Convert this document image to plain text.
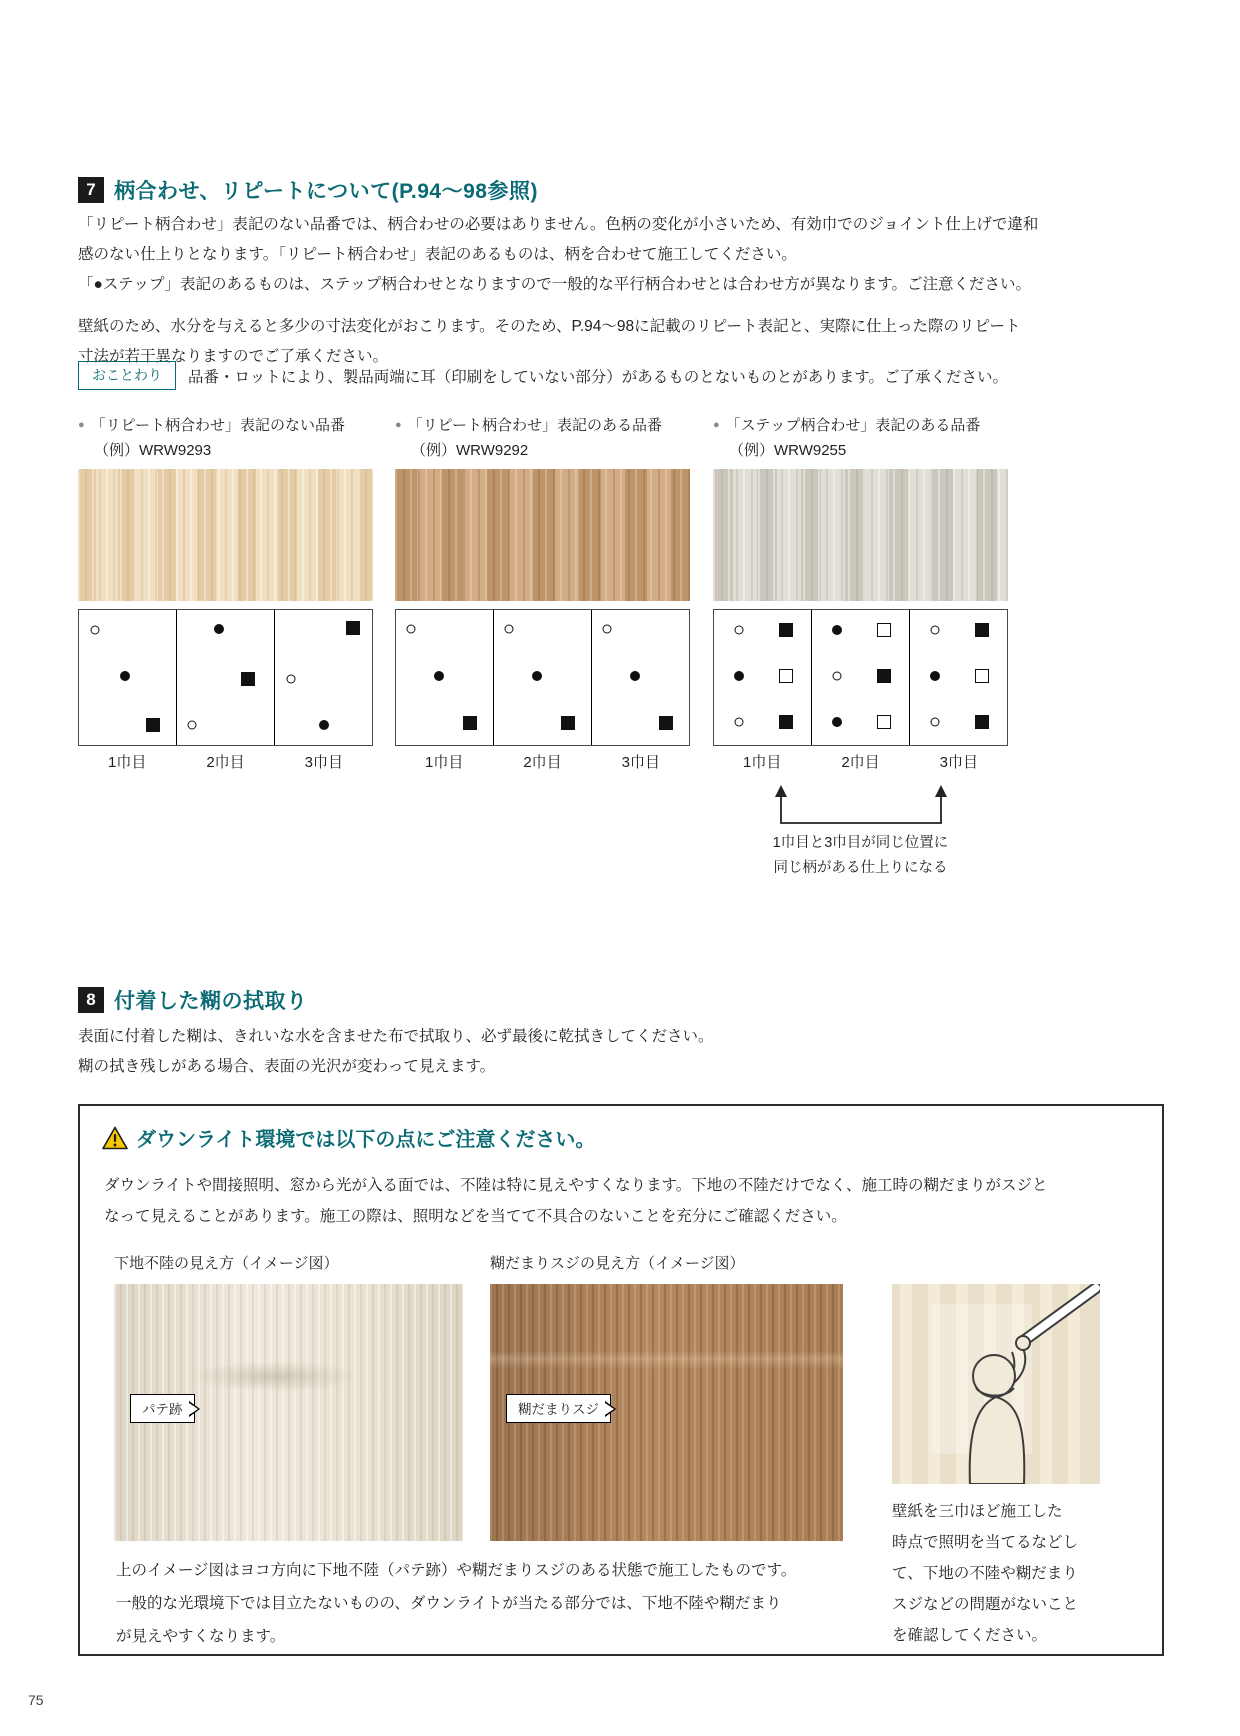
7 柄合わせ、リピートについて(P.94～98参照)
「リピート柄合わせ」表記のない品番では、柄合わせの必要はありません。色柄の変化が小さいため、有効巾でのジョイント仕上げで違和
感のない仕上りとなります。「リピート柄合わせ」表記のあるものは、柄を合わせて施工してください。
「●ステップ」表記のあるものは、ステップ柄合わせとなりますので一般的な平行柄合わせとは合わせ方が異なります。ご注意ください。
壁紙のため、水分を与えると多少の寸法変化がおこります。そのため、P.94～98に記載のリピート表記と、実際に仕上った際のリピート
寸法が若干異なりますのでご了承ください。
おことわり	品番・ロットにより、製品両端に耳（印刷をしていない部分）があるものとないものとがあります。ご了承ください。
● 「リピート柄合わせ」表記のない品番
（例）WRW9293
1巾目	2巾目	3巾目
● 「リピート柄合わせ」表記のある品番
（例）WRW9292
1巾目	2巾目	3巾目
● 「ステップ柄合わせ」表記のある品番
（例）WRW9255
1巾目	2巾目	3巾目
1巾目と3巾目が同じ位置に
同じ柄がある仕上りになる
8 付着した糊の拭取り
表面に付着した糊は、きれいな水を含ませた布で拭取り、必ず最後に乾拭きしてください。
糊の拭き残しがある場合、表面の光沢が変わって見えます。
ダウンライト環境では以下の点にご注意ください。
ダウンライトや間接照明、窓から光が入る面では、不陸は特に見えやすくなります。下地の不陸だけでなく、施工時の糊だまりがスジと
なって見えることがあります。施工の際は、照明などを当てて不具合のないことを充分にご確認ください。
下地不陸の見え方（イメージ図）	糊だまりスジの見え方（イメージ図）
パテ跡	糊だまりスジ
上のイメージ図はヨコ方向に下地不陸（パテ跡）や糊だまりスジのある状態で施工したものです。
一般的な光環境下では目立たないものの、ダウンライトが当たる部分では、下地不陸や糊だまり
が見えやすくなります。
壁紙を三巾ほど施工した
時点で照明を当てるなどし
て、下地の不陸や糊だまり
スジなどの問題がないこと
を確認してください。
75
